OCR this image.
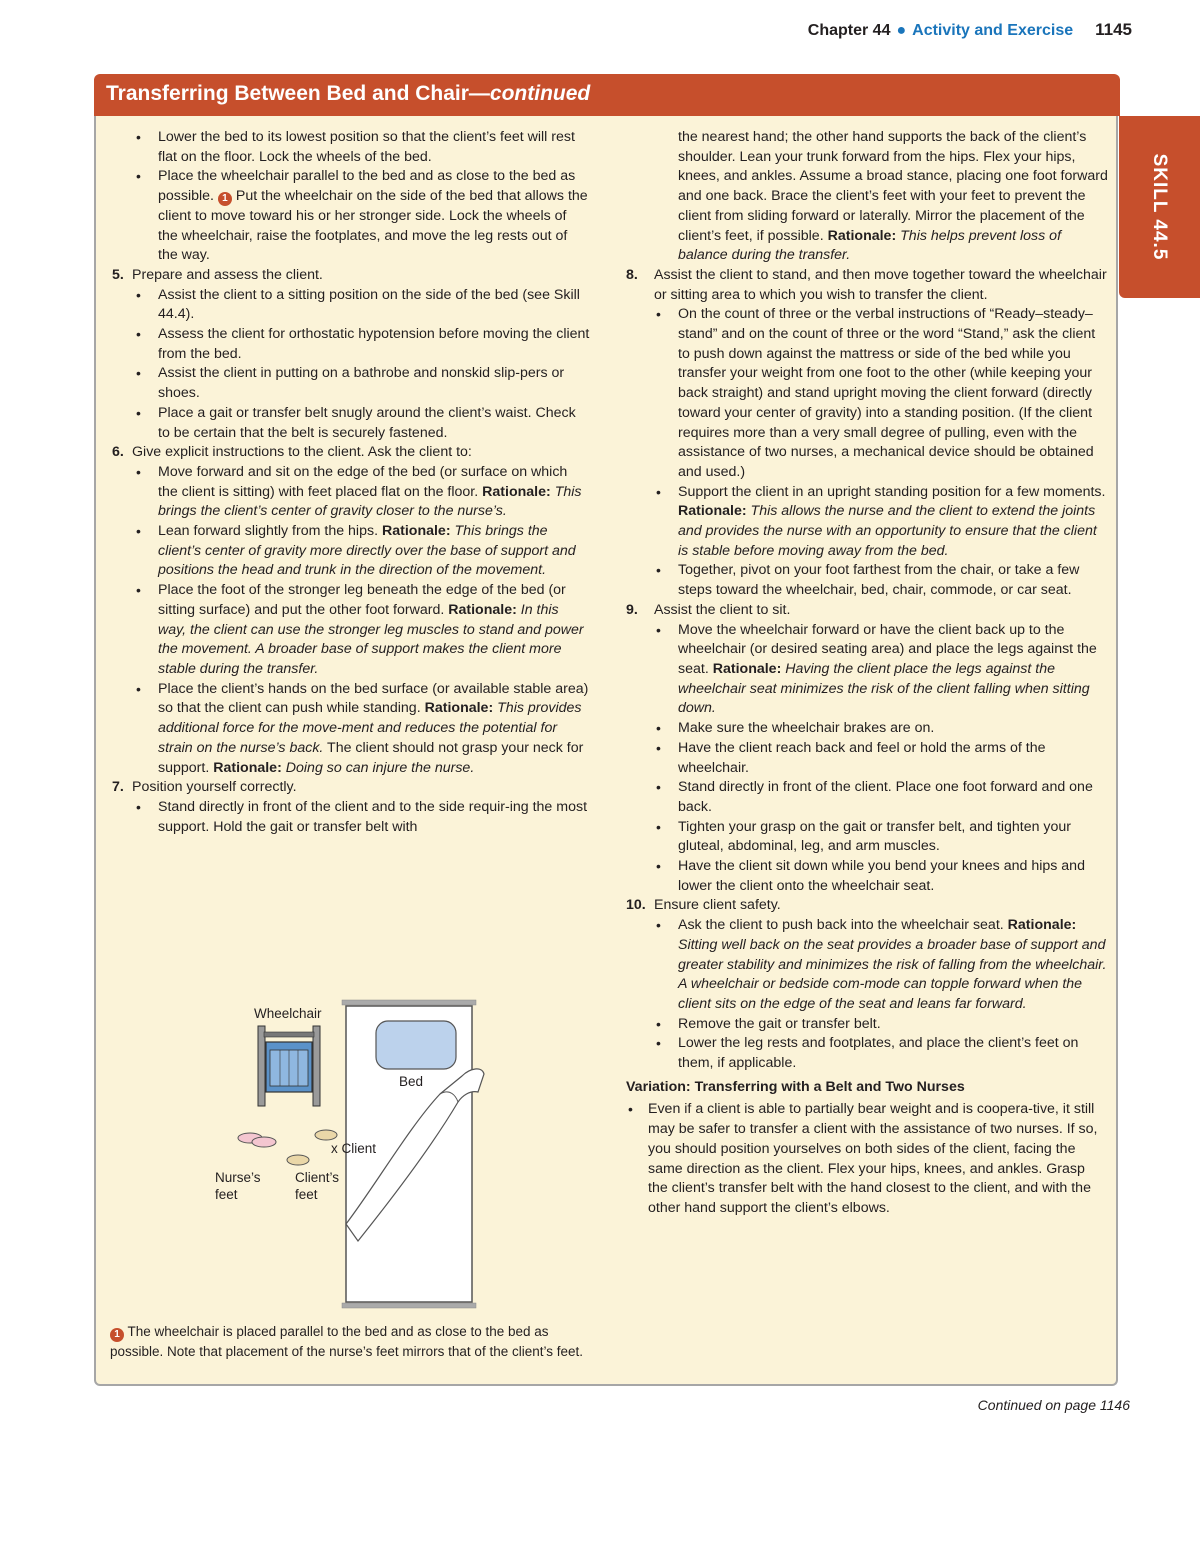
Chapter 44 ● Activity and Exercise 1145
Transferring Between Bed and Chair—continued
SKILL 44.5
• Lower the bed to its lowest position so that the client’s feet will rest flat on the floor. Lock the wheels of the bed.
• Place the wheelchair parallel to the bed and as close to the bed as possible. 1 Put the wheelchair on the side of the bed that allows the client to move toward his or her stronger side. Lock the wheels of the wheelchair, raise the footplates, and move the leg rests out of the way.
5. Prepare and assess the client.
• Assist the client to a sitting position on the side of the bed (see Skill 44.4).
• Assess the client for orthostatic hypotension before moving the client from the bed.
• Assist the client in putting on a bathrobe and nonskid slip-pers or shoes.
• Place a gait or transfer belt snugly around the client’s waist. Check to be certain that the belt is securely fastened.
6. Give explicit instructions to the client. Ask the client to:
• Move forward and sit on the edge of the bed (or surface on which the client is sitting) with feet placed flat on the floor. Rationale: This brings the client’s center of gravity closer to the nurse’s.
• Lean forward slightly from the hips. Rationale: This brings the client’s center of gravity more directly over the base of support and positions the head and trunk in the direction of the movement.
• Place the foot of the stronger leg beneath the edge of the bed (or sitting surface) and put the other foot forward. Rationale: In this way, the client can use the stronger leg muscles to stand and power the movement. A broader base of support makes the client more stable during the transfer.
• Place the client’s hands on the bed surface (or available stable area) so that the client can push while standing. Rationale: This provides additional force for the move-ment and reduces the potential for strain on the nurse’s back. The client should not grasp your neck for support. Rationale: Doing so can injure the nurse.
7. Position yourself correctly.
• Stand directly in front of the client and to the side requir-ing the most support. Hold the gait or transfer belt with
Wheelchair
Bed
x Client
Nurse’s
feet
Client’s
feet
1 The wheelchair is placed parallel to the bed and as close to the bed as possible. Note that placement of the nurse’s feet mirrors that of the client’s feet.
the nearest hand; the other hand supports the back of the client’s shoulder. Lean your trunk forward from the hips. Flex your hips, knees, and ankles. Assume a broad stance, placing one foot forward and one back. Brace the client’s feet with your feet to prevent the client from sliding forward or laterally. Mirror the placement of the client’s feet, if possible. Rationale: This helps prevent loss of balance during the transfer.
8. Assist the client to stand, and then move together toward the wheelchair or sitting area to which you wish to transfer the client.
• On the count of three or the verbal instructions of “Ready–steady–stand” and on the count of three or the word “Stand,” ask the client to push down against the mattress or side of the bed while you transfer your weight from one foot to the other (while keeping your back straight) and stand upright moving the client forward (directly toward your center of gravity) into a standing position. (If the client requires more than a very small degree of pulling, even with the assistance of two nurses, a mechanical device should be obtained and used.)
• Support the client in an upright standing position for a few moments. Rationale: This allows the nurse and the client to extend the joints and provides the nurse with an opportunity to ensure that the client is stable before moving away from the bed.
• Together, pivot on your foot farthest from the chair, or take a few steps toward the wheelchair, bed, chair, commode, or car seat.
9. Assist the client to sit.
• Move the wheelchair forward or have the client back up to the wheelchair (or desired seating area) and place the legs against the seat. Rationale: Having the client place the legs against the wheelchair seat minimizes the risk of the client falling when sitting down.
• Make sure the wheelchair brakes are on.
• Have the client reach back and feel or hold the arms of the wheelchair.
• Stand directly in front of the client. Place one foot forward and one back.
• Tighten your grasp on the gait or transfer belt, and tighten your gluteal, abdominal, leg, and arm muscles.
• Have the client sit down while you bend your knees and hips and lower the client onto the wheelchair seat.
10. Ensure client safety.
• Ask the client to push back into the wheelchair seat. Rationale: Sitting well back on the seat provides a broader base of support and greater stability and minimizes the risk of falling from the wheelchair. A wheelchair or bedside com-mode can topple forward when the client sits on the edge of the seat and leans far forward.
• Remove the gait or transfer belt.
• Lower the leg rests and footplates, and place the client’s feet on them, if applicable.
Variation: Transferring with a Belt and Two Nurses
• Even if a client is able to partially bear weight and is coopera-tive, it still may be safer to transfer a client with the assistance of two nurses. If so, you should position yourselves on both sides of the client, facing the same direction as the client. Flex your hips, knees, and ankles. Grasp the client’s transfer belt with the hand closest to the client, and with the other hand support the client’s elbows.
Continued on page 1146
